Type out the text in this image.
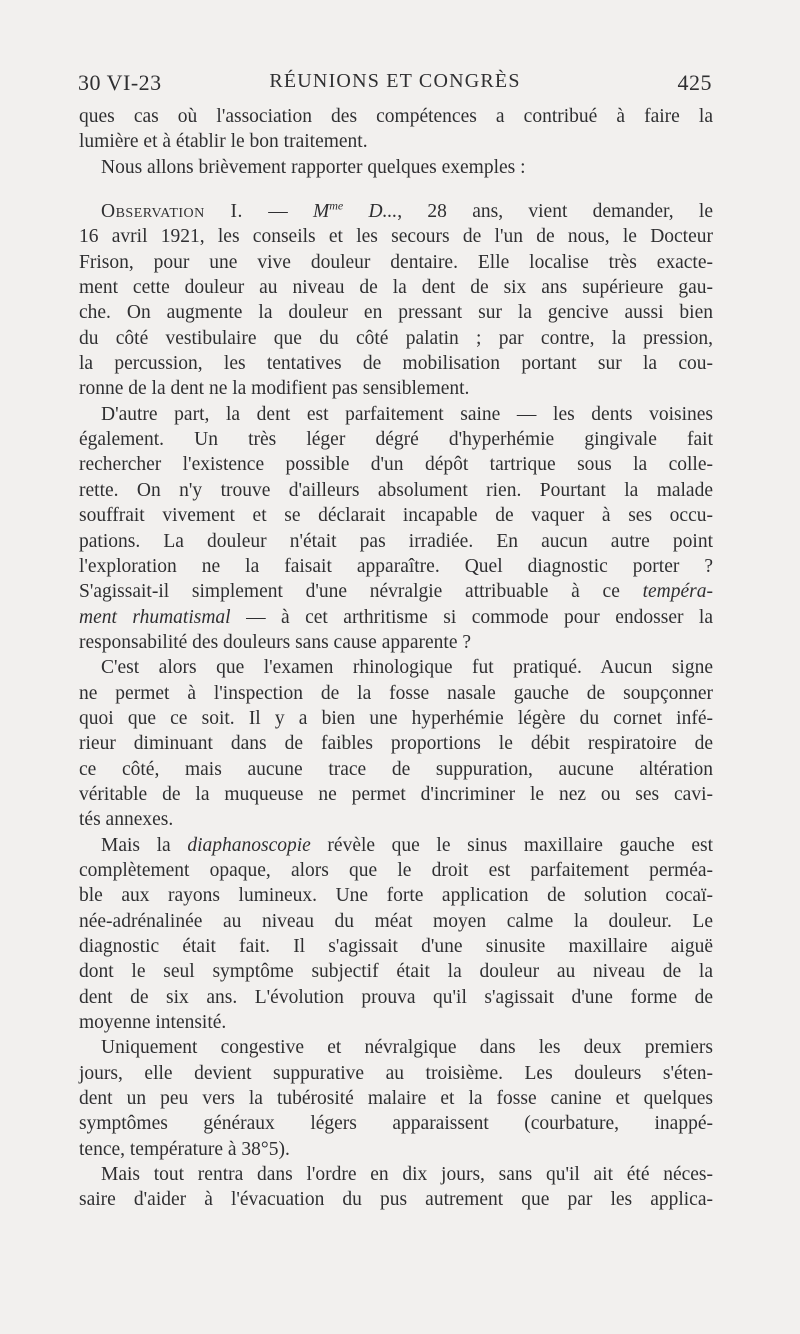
30 VI-23	RÉUNIONS ET CONGRÈS	425
ques cas où l'association des compétences a contribué à faire la
lumière et à établir le bon traitement.
Nous allons brièvement rapporter quelques exemples :
Observation I. — $M^{me}$ D..., 28 ans, vient demander, le
16 avril 1921, les conseils et les secours de l'un de nous, le Docteur
Frison, pour une vive douleur dentaire. Elle localise très exacte-
ment cette douleur au niveau de la dent de six ans supérieure gau-
che. On augmente la douleur en pressant sur la gencive aussi bien
du côté vestibulaire que du côté palatin ; par contre, la pression,
la percussion, les tentatives de mobilisation portant sur la cou-
ronne de la dent ne la modifient pas sensiblement.
D'autre part, la dent est parfaitement saine — les dents voisines
également. Un très léger dégré d'hyperhémie gingivale fait
rechercher l'existence possible d'un dépôt tartrique sous la colle-
rette. On n'y trouve d'ailleurs absolument rien. Pourtant la malade
souffrait vivement et se déclarait incapable de vaquer à ses occu-
pations. La douleur n'était pas irradiée. En aucun autre point
l'exploration ne la faisait apparaître. Quel diagnostic porter ?
S'agissait-il simplement d'une névralgie attribuable à ce tempéra-
ment rhumatismal — à cet arthritisme si commode pour endosser la
responsabilité des douleurs sans cause apparente ?
C'est alors que l'examen rhinologique fut pratiqué. Aucun signe
ne permet à l'inspection de la fosse nasale gauche de soupçonner
quoi que ce soit. Il y a bien une hyperhémie légère du cornet infé-
rieur diminuant dans de faibles proportions le débit respiratoire de
ce côté, mais aucune trace de suppuration, aucune altération
véritable de la muqueuse ne permet d'incriminer le nez ou ses cavi-
tés annexes.
Mais la diaphanoscopie révèle que le sinus maxillaire gauche est
complètement opaque, alors que le droit est parfaitement perméa-
ble aux rayons lumineux. Une forte application de solution cocaï-
née-adrénalinée au niveau du méat moyen calme la douleur. Le
diagnostic était fait. Il s'agissait d'une sinusite maxillaire aiguë
dont le seul symptôme subjectif était la douleur au niveau de la
dent de six ans. L'évolution prouva qu'il s'agissait d'une forme de
moyenne intensité.
Uniquement congestive et névralgique dans les deux premiers
jours, elle devient suppurative au troisième. Les douleurs s'éten-
dent un peu vers la tubérosité malaire et la fosse canine et quelques
symptômes généraux légers apparaissent (courbature, inappé-
tence, température à 38°5).
Mais tout rentra dans l'ordre en dix jours, sans qu'il ait été néces-
saire d'aider à l'évacuation du pus autrement que par les applica-
